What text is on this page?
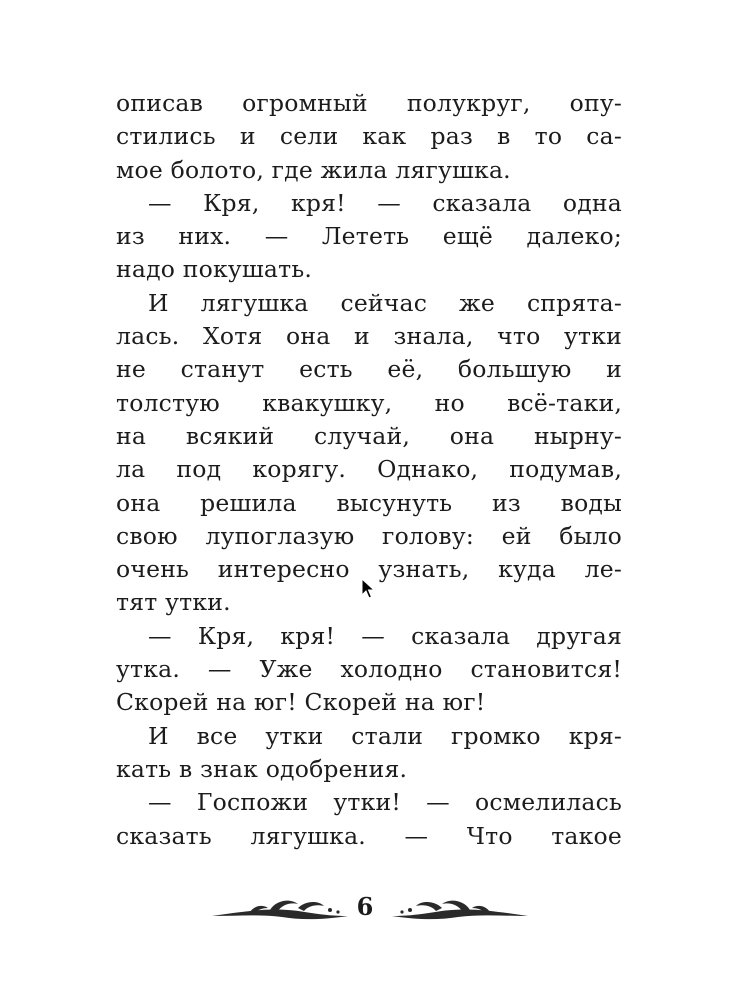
описав огромный полукруг, опу-
стились и сели как раз в то са-
мое болото, где жила лягушка.
— Кря, кря! — сказала одна
из них. — Лететь ещё далеко;
надо покушать.
И лягушка сейчас же спрята-
лась. Хотя она и знала, что утки
не станут есть её, большую и
толстую квакушку, но всё-таки,
на всякий случай, она нырну-
ла под корягу. Однако, подумав,
она решила высунуть из воды
свою лупоглазую голову: ей было
очень интересно узнать, куда ле-
тят утки.
— Кря, кря! — сказала другая
утка. — Уже холодно становится!
Скорей на юг! Скорей на юг!
И все утки стали громко кря-
кать в знак одобрения.
— Госпожи утки! — осмелилась
сказать лягушка. — Что такое
6
